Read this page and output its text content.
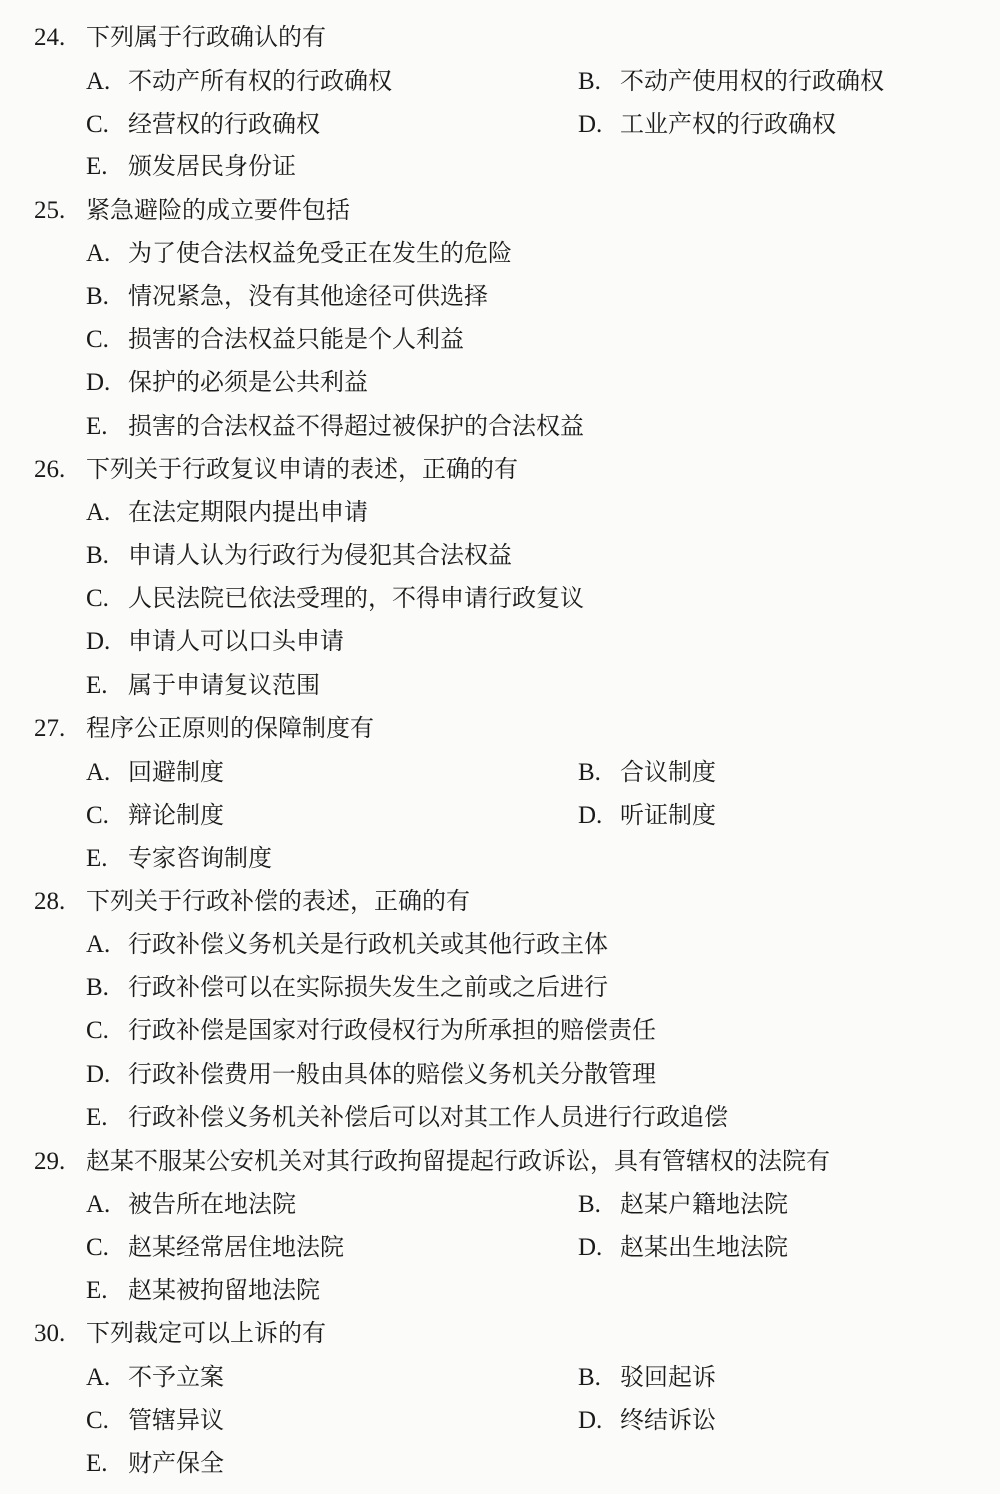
24. 下列属于行政确认的有
A. 不动产所有权的行政确权	B. 不动产使用权的行政确权
C. 经营权的行政确权	D. 工业产权的行政确权
E. 颁发居民身份证
25. 紧急避险的成立要件包括
A. 为了使合法权益免受正在发生的危险
B. 情况紧急，没有其他途径可供选择
C. 损害的合法权益只能是个人利益
D. 保护的必须是公共利益
E. 损害的合法权益不得超过被保护的合法权益
26. 下列关于行政复议申请的表述，正确的有
A. 在法定期限内提出申请
B. 申请人认为行政行为侵犯其合法权益
C. 人民法院已依法受理的，不得申请行政复议
D. 申请人可以口头申请
E. 属于申请复议范围
27. 程序公正原则的保障制度有
A. 回避制度	B. 合议制度
C. 辩论制度	D. 听证制度
E. 专家咨询制度
28. 下列关于行政补偿的表述，正确的有
A. 行政补偿义务机关是行政机关或其他行政主体
B. 行政补偿可以在实际损失发生之前或之后进行
C. 行政补偿是国家对行政侵权行为所承担的赔偿责任
D. 行政补偿费用一般由具体的赔偿义务机关分散管理
E. 行政补偿义务机关补偿后可以对其工作人员进行行政追偿
29. 赵某不服某公安机关对其行政拘留提起行政诉讼，具有管辖权的法院有
A. 被告所在地法院	B. 赵某户籍地法院
C. 赵某经常居住地法院	D. 赵某出生地法院
E. 赵某被拘留地法院
30. 下列裁定可以上诉的有
A. 不予立案	B. 驳回起诉
C. 管辖异议	D. 终结诉讼
E. 财产保全
